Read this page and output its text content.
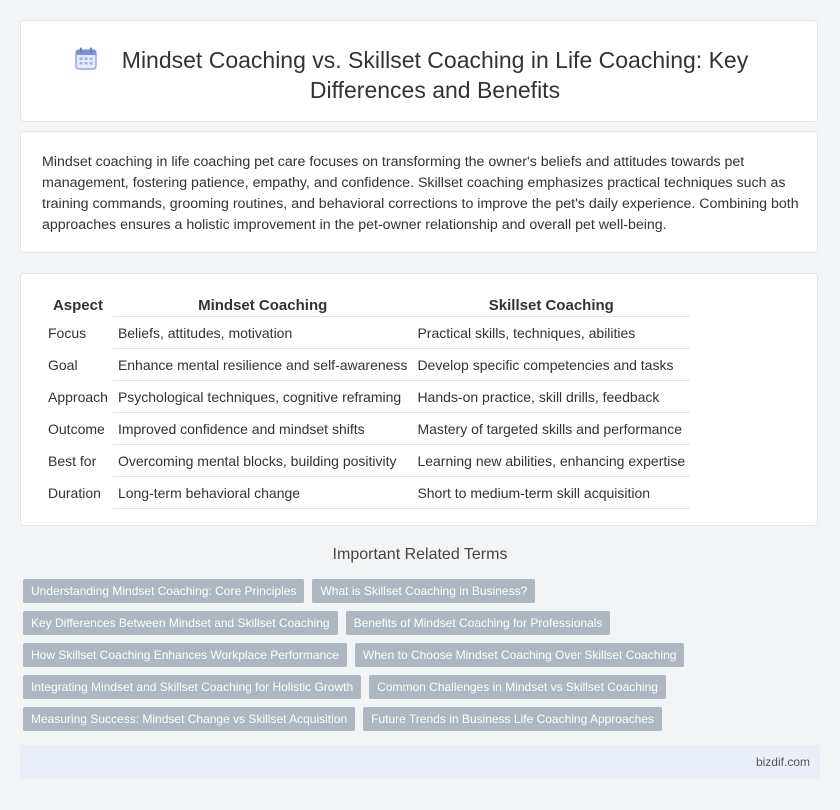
Mindset Coaching vs. Skillset Coaching in Life Coaching: Key Differences and Benefits

Mindset coaching in life coaching pet care focuses on transforming the owner's beliefs and attitudes towards pet management, fostering patience, empathy, and confidence. Skillset coaching emphasizes practical techniques such as training commands, grooming routines, and behavioral corrections to improve the pet's daily experience. Combining both approaches ensures a holistic improvement in the pet-owner relationship and overall pet well-being.

Aspect	Mindset Coaching	Skillset Coaching
Focus	Beliefs, attitudes, motivation	Practical skills, techniques, abilities
Goal	Enhance mental resilience and self-awareness	Develop specific competencies and tasks
Approach	Psychological techniques, cognitive reframing	Hands-on practice, skill drills, feedback
Outcome	Improved confidence and mindset shifts	Mastery of targeted skills and performance
Best for	Overcoming mental blocks, building positivity	Learning new abilities, enhancing expertise
Duration	Long-term behavioral change	Short to medium-term skill acquisition
Important Related Terms
Understanding Mindset Coaching: Core Principles	What is Skillset Coaching in Business?
Key Differences Between Mindset and Skillset Coaching	Benefits of Mindset Coaching for Professionals
How Skillset Coaching Enhances Workplace Performance	When to Choose Mindset Coaching Over Skillset Coaching
Integrating Mindset and Skillset Coaching for Holistic Growth	Common Challenges in Mindset vs Skillset Coaching
Measuring Success: Mindset Change vs Skillset Acquisition	Future Trends in Business Life Coaching Approaches
bizdif.com
